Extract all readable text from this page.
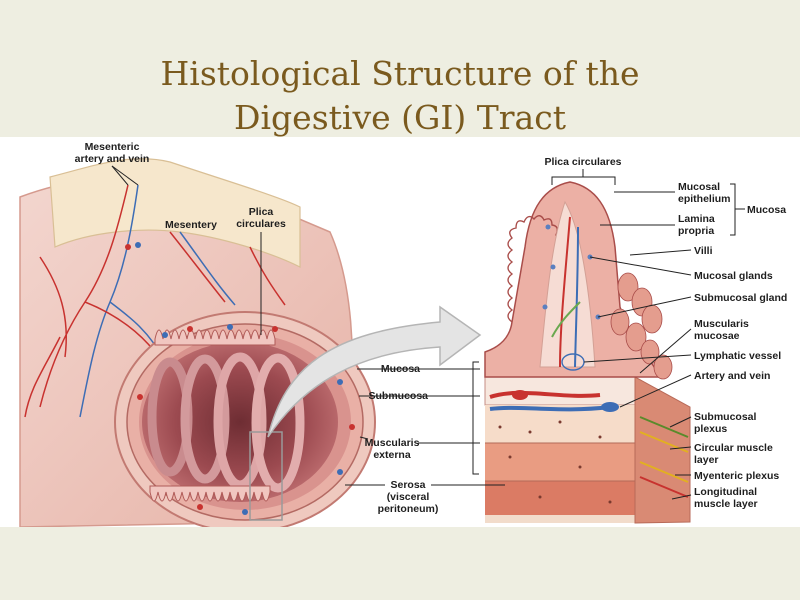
Histological Structure of the
Digestive (GI) Tract
Mesenteric
artery and vein
Mesentery
Plica
circulares
Mucosa
Submucosa
Muscularis
externa
Serosa
(visceral
peritoneum)
Plica circulares
Mucosal
epithelium
Lamina
propria
Mucosa
Villi
Mucosal glands
Submucosal gland
Muscularis
mucosae
Lymphatic vessel
Artery and vein
Submucosal
plexus
Circular muscle
layer
Myenteric plexus
Longitudinal
muscle layer
